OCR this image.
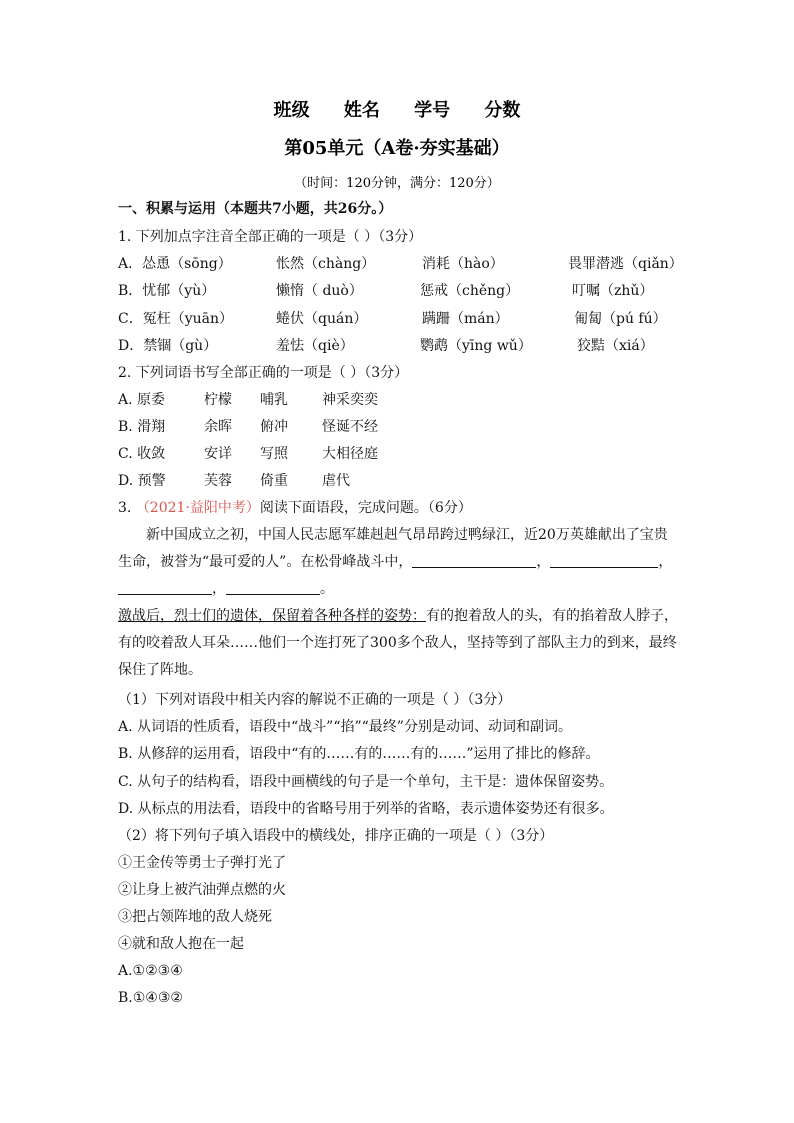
班级 姓名 学号 分数
第05单元（A卷·夯实基础）
（时间：120分钟，满分：120分）
一、积累与运用（本题共7小题，共26分。）
1. 下列加点字注音全部正确的一项是（ ）（3分）
A．怂恿（sōng）	怅然（chàng）	消耗（hào）	畏罪潜逃（qiǎn）
B．忧郁（yù）	懒惰（ duò）	惩戒（chěng）	叮嘱（zhǔ）
C．冤枉（yuān）	蜷伏（quán）	蹒跚（mán）	匍匐（pú fú）
D．禁锢（gù）	羞怯（qiè）	鹦鹉（yīng wǔ）	狡黠（xiá）
2. 下列词语书写全部正确的一项是（ ）（3分）
A. 原委	柠檬 哺乳 神采奕奕
B. 滑翔	余晖 俯冲 怪诞不经
C. 收敛	安详 写照 大相径庭
D. 预警	芙蓉 倚重 虐代
3. （2021·益阳中考）阅读下面语段，完成问题。（6分）
新中国成立之初，中国人民志愿军雄赳赳气昂昂跨过鸭绿江，近20万英雄献出了宝贵
生命，被誉为“最可爱的人”。在松骨峰战斗中，	，	，
，	。
激战后，烈士们的遗体，保留着各种各样的姿势：有的抱着敌人的头，有的掐着敌人脖子，有的咬着敌人耳朵……他们一个连打死了300多个敌人，坚持等到了部队主力的到来，最终保住了阵地。
（1）下列对语段中相关内容的解说不正确的一项是（ ）（3分）
A. 从词语的性质看，语段中“战斗”“掐”“最终”分别是动词、动词和副词。
B. 从修辞的运用看，语段中“有的……有的……有的……”运用了排比的修辞。
C. 从句子的结构看，语段中画横线的句子是一个单句，主干是：遗体保留姿势。
D. 从标点的用法看，语段中的省略号用于列举的省略，表示遗体姿势还有很多。
（2）将下列句子填入语段中的横线处，排序正确的一项是（ ）（3分）
①王金传等勇士子弹打光了
②让身上被汽油弹点燃的火
③把占领阵地的敌人烧死
④就和敌人抱在一起
A.①②③④
B.①④③②
